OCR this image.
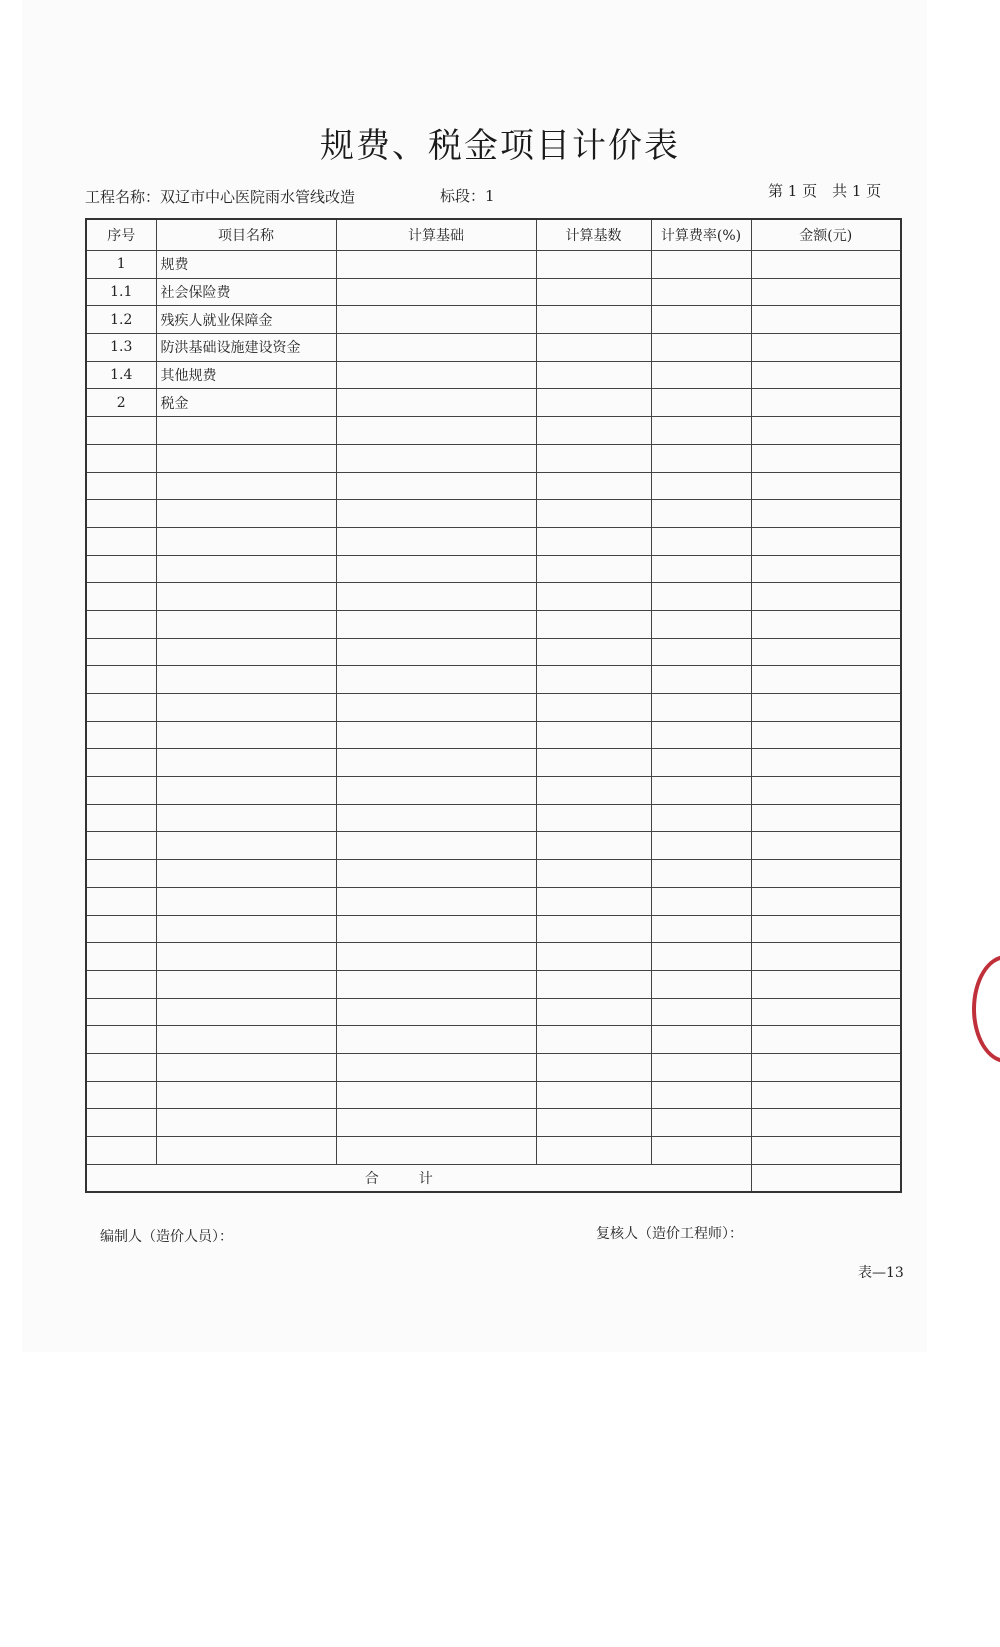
规费、税金项目计价表
工程名称：双辽市中心医院雨水管线改造	标段：1	第 1 页　共 1 页
序号	项目名称	计算基础	计算基数	计算费率(%)	金额(元)
1	规费				
1.1	社会保险费				
1.2	残疾人就业保障金				
1.3	防洪基础设施建设资金				
1.4	其他规费				
2	税金				

合计					
编制人（造价人员）：	复核人（造价工程师）：
表—13
